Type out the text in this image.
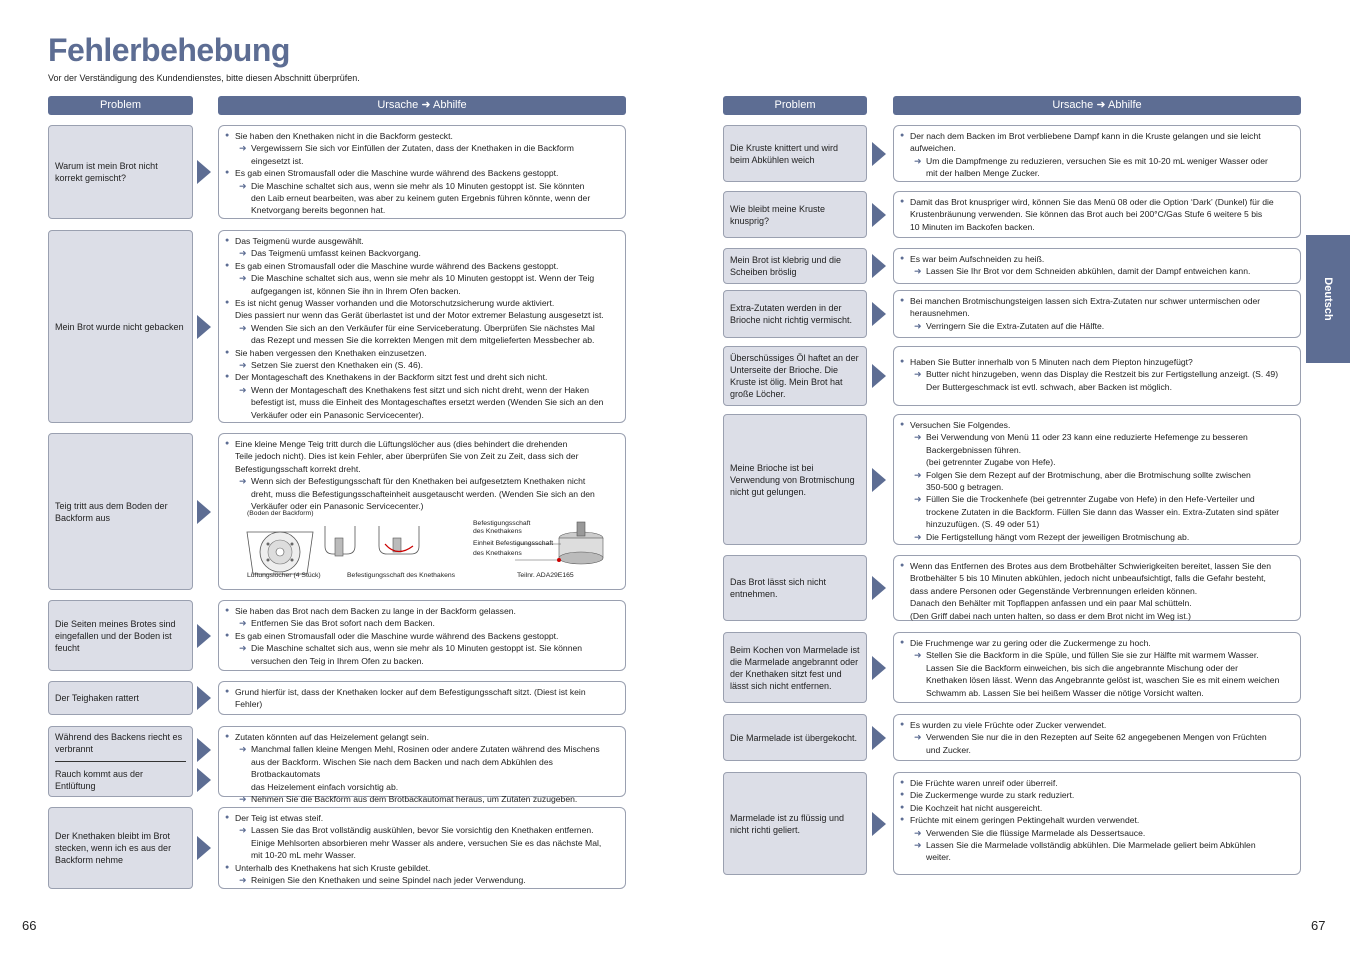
Fehlerbehebung
Vor der Verständigung des Kundendienstes, bitte diesen Abschnitt überprüfen.
Problem	Ursache ➜ Abhilfe	Problem	Ursache ➜ Abhilfe
Warum ist mein Brot nicht korrekt gemischt?
● Sie haben den Knethaken nicht in die Backform gesteckt.
➜ Vergewissern Sie sich vor Einfüllen der Zutaten, dass der Knethaken in die Backform
eingesetzt ist.
● Es gab einen Stromausfall oder die Maschine wurde während des Backens gestoppt.
➜ Die Maschine schaltet sich aus, wenn sie mehr als 10 Minuten gestoppt ist. Sie könnten
den Laib erneut bearbeiten, was aber zu keinem guten Ergebnis führen könnte, wenn der
Knetvorgang bereits begonnen hat.
Mein Brot wurde nicht gebacken
● Das Teigmenü wurde ausgewählt.
➜ Das Teigmenü umfasst keinen Backvorgang.
● Es gab einen Stromausfall oder die Maschine wurde während des Backens gestoppt.
➜ Die Maschine schaltet sich aus, wenn sie mehr als 10 Minuten gestoppt ist. Wenn der Teig
aufgegangen ist, können Sie ihn in Ihrem Ofen backen.
● Es ist nicht genug Wasser vorhanden und die Motorschutzsicherung wurde aktiviert.
Dies passiert nur wenn das Gerät überlastet ist und der Motor extremer Belastung ausgesetzt ist.
➜ Wenden Sie sich an den Verkäufer für eine Serviceberatung. Überprüfen Sie nächstes Mal
das Rezept und messen Sie die korrekten Mengen mit dem mitgelieferten Messbecher ab.
● Sie haben vergessen den Knethaken einzusetzen.
➜ Setzen Sie zuerst den Knethaken ein (S. 46).
● Der Montageschaft des Knethakens in der Backform sitzt fest und dreht sich nicht.
➜ Wenn der Montageschaft des Knethakens fest sitzt und sich nicht dreht, wenn der Haken
befestigt ist, muss die Einheit des Montageschaftes ersetzt werden (Wenden Sie sich an den
Verkäufer oder ein Panasonic Servicecenter).
Teig tritt aus dem Boden der Backform aus
● Eine kleine Menge Teig tritt durch die Lüftungslöcher aus (dies behindert die drehenden
Teile jedoch nicht). Dies ist kein Fehler, aber überprüfen Sie von Zeit zu Zeit, dass sich der
Befestigungsschaft korrekt dreht.
➜ Wenn sich der Befestigungsschaft für den Knethaken bei aufgesetztem Knethaken nicht
dreht, muss die Befestigungsschafteinheit ausgetauscht werden. (Wenden Sie sich an den
Verkäufer oder ein Panasonic Servicecenter.)
(Boden der Backform)
Lüftungslöcher (4 Stück)	Befestigungsschaft des Knethakens
Befestigungsschaft
des Knethakens
Einheit Befestigungsschaft
des Knethakens
Teilnr. ADA29E165
Die Seiten meines Brotes sind eingefallen und der Boden ist feucht
● Sie haben das Brot nach dem Backen zu lange in der Backform gelassen.
➜ Entfernen Sie das Brot sofort nach dem Backen.
● Es gab einen Stromausfall oder die Maschine wurde während des Backens gestoppt.
➜ Die Maschine schaltet sich aus, wenn sie mehr als 10 Minuten gestoppt ist. Sie können
versuchen den Teig in Ihrem Ofen zu backen.
Der Teighaken rattert
● Grund hierfür ist, dass der Knethaken locker auf dem Befestigungsschaft sitzt. (Diest ist kein
Fehler)
Während des Backens riecht es verbrannt
Rauch kommt aus der Entlüftung
● Zutaten könnten auf das Heizelement gelangt sein.
➜ Manchmal fallen kleine Mengen Mehl, Rosinen oder andere Zutaten während des Mischens
aus der Backform. Wischen Sie nach dem Backen und nach dem Abkühlen des Brotbackautomats
das Heizelement einfach vorsichtig ab.
➜ Nehmen Sie die Backform aus dem Brotbackautomat heraus, um Zutaten zuzugeben.
Der Knethaken bleibt im Brot stecken, wenn ich es aus der Backform nehme
● Der Teig ist etwas steif.
➜ Lassen Sie das Brot vollständig auskühlen, bevor Sie vorsichtig den Knethaken entfernen.
Einige Mehlsorten absorbieren mehr Wasser als andere, versuchen Sie es das nächste Mal,
mit 10-20 mL mehr Wasser.
● Unterhalb des Knethakens hat sich Kruste gebildet.
➜ Reinigen Sie den Knethaken und seine Spindel nach jeder Verwendung.
Die Kruste knittert und wird beim Abkühlen weich
● Der nach dem Backen im Brot verbliebene Dampf kann in die Kruste gelangen und sie leicht
aufweichen.
➜ Um die Dampfmenge zu reduzieren, versuchen Sie es mit 10-20 mL weniger Wasser oder
mit der halben Menge Zucker.
Wie bleibt meine Kruste knusprig?
● Damit das Brot knuspriger wird, können Sie das Menü 08 oder die Option ‘Dark’ (Dunkel) für die
Krustenbräunung verwenden. Sie können das Brot auch bei 200°C/Gas Stufe 6 weitere 5 bis
10 Minuten im Backofen backen.
Mein Brot ist klebrig und die Scheiben bröslig
● Es war beim Aufschneiden zu heiß.
➜ Lassen Sie Ihr Brot vor dem Schneiden abkühlen, damit der Dampf entweichen kann.
Extra-Zutaten werden in der Brioche nicht richtig vermischt.
● Bei manchen Brotmischungsteigen lassen sich Extra-Zutaten nur schwer untermischen oder
herausnehmen.
➜ Verringern Sie die Extra-Zutaten auf die Hälfte.
Überschüssiges Öl haftet an der Unterseite der Brioche. Die Kruste ist ölig. Mein Brot hat große Löcher.
● Haben Sie Butter innerhalb von 5 Minuten nach dem Piepton hinzugefügt?
➜ Butter nicht hinzugeben, wenn das Display die Restzeit bis zur Fertigstellung anzeigt. (S. 49)
Der Buttergeschmack ist evtl. schwach, aber Backen ist möglich.
Meine Brioche ist bei Verwendung von Brotmischung nicht gut gelungen.
● Versuchen Sie Folgendes.
➜ Bei Verwendung von Menü 11 oder 23 kann eine reduzierte Hefemenge zu besseren
Backergebnissen führen.
(bei getrennter Zugabe von Hefe).
➜ Folgen Sie dem Rezept auf der Brotmischung, aber die Brotmischung sollte zwischen
350-500 g betragen.
➜ Füllen Sie die Trockenhefe (bei getrennter Zugabe von Hefe) in den Hefe-Verteiler und
trockene Zutaten in die Backform. Füllen Sie dann das Wasser ein. Extra-Zutaten sind später
hinzuzufügen. (S. 49 oder 51)
➜ Die Fertigstellung hängt vom Rezept der jeweiligen Brotmischung ab.
Das Brot lässt sich nicht entnehmen.
● Wenn das Entfernen des Brotes aus dem Brotbehälter Schwierigkeiten bereitet, lassen Sie den
Brotbehälter 5 bis 10 Minuten abkühlen, jedoch nicht unbeaufsichtigt, falls die Gefahr besteht,
dass andere Personen oder Gegenstände Verbrennungen erleiden können.
Danach den Behälter mit Topflappen anfassen und ein paar Mal schütteln.
(Den Griff dabei nach unten halten, so dass er dem Brot nicht im Weg ist.)
Beim Kochen von Marmelade ist die Marmelade angebrannt oder der Knethaken sitzt fest und lässt sich nicht entfernen.
● Die Fruchmenge war zu gering oder die Zuckermenge zu hoch.
➜ Stellen Sie die Backform in die Spüle, und füllen Sie sie zur Hälfte mit warmem Wasser.
Lassen Sie die Backform einweichen, bis sich die angebrannte Mischung oder der
Knethaken lösen lässt. Wenn das Angebrannte gelöst ist, waschen Sie es mit einem weichen
Schwamm ab. Lassen Sie bei heißem Wasser die nötige Vorsicht walten.
Die Marmelade ist übergekocht.
● Es wurden zu viele Früchte oder Zucker verwendet.
➜ Verwenden Sie nur die in den Rezepten auf Seite 62 angegebenen Mengen von Früchten
und Zucker.
Marmelade ist zu flüssig und nicht richti geliert.
● Die Früchte waren unreif oder überreif.
● Die Zuckermenge wurde zu stark reduziert.
● Die Kochzeit hat nicht ausgereicht.
● Früchte mit einem geringen Pektingehalt wurden verwendet.
➜ Verwenden Sie die flüssige Marmelade als Dessertsauce.
➜ Lassen Sie die Marmelade vollständig abkühlen. Die Marmelade geliert beim Abkühlen
weiter.
Deutsch
66	67
